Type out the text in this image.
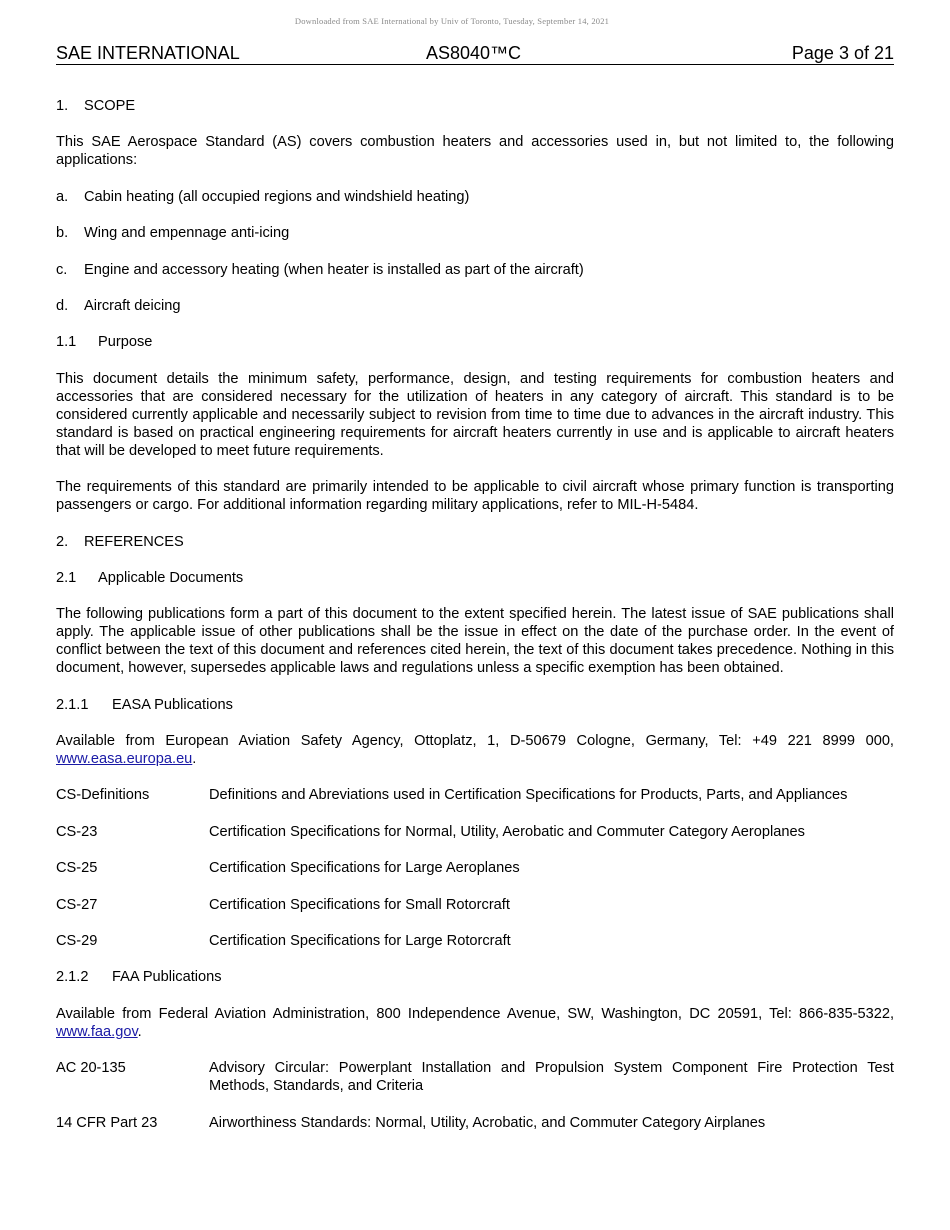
Downloaded from SAE International by Univ of Toronto, Tuesday, September 14, 2021
SAE INTERNATIONAL	AS8040™C	Page 3 of 21
1. SCOPE
This SAE Aerospace Standard (AS) covers combustion heaters and accessories used in, but not limited to, the following applications:
a. Cabin heating (all occupied regions and windshield heating)
b. Wing and empennage anti-icing
c. Engine and accessory heating (when heater is installed as part of the aircraft)
d. Aircraft deicing
1.1 Purpose
This document details the minimum safety, performance, design, and testing requirements for combustion heaters and accessories that are considered necessary for the utilization of heaters in any category of aircraft. This standard is to be considered currently applicable and necessarily subject to revision from time to time due to advances in the aircraft industry. This standard is based on practical engineering requirements for aircraft heaters currently in use and is applicable to aircraft heaters that will be developed to meet future requirements.
The requirements of this standard are primarily intended to be applicable to civil aircraft whose primary function is transporting passengers or cargo. For additional information regarding military applications, refer to MIL-H-5484.
2. REFERENCES
2.1 Applicable Documents
The following publications form a part of this document to the extent specified herein. The latest issue of SAE publications shall apply. The applicable issue of other publications shall be the issue in effect on the date of the purchase order. In the event of conflict between the text of this document and references cited herein, the text of this document takes precedence. Nothing in this document, however, supersedes applicable laws and regulations unless a specific exemption has been obtained.
2.1.1 EASA Publications
Available from European Aviation Safety Agency, Ottoplatz, 1, D-50679 Cologne, Germany, Tel: +49 221 8999 000, www.easa.europa.eu.
CS-Definitions	Definitions and Abreviations used in Certification Specifications for Products, Parts, and Appliances
CS-23	Certification Specifications for Normal, Utility, Aerobatic and Commuter Category Aeroplanes
CS-25	Certification Specifications for Large Aeroplanes
CS-27	Certification Specifications for Small Rotorcraft
CS-29	Certification Specifications for Large Rotorcraft
2.1.2 FAA Publications
Available from Federal Aviation Administration, 800 Independence Avenue, SW, Washington, DC 20591, Tel: 866-835-5322, www.faa.gov.
AC 20-135	Advisory Circular: Powerplant Installation and Propulsion System Component Fire Protection Test Methods, Standards, and Criteria
14 CFR Part 23	Airworthiness Standards: Normal, Utility, Acrobatic, and Commuter Category Airplanes
